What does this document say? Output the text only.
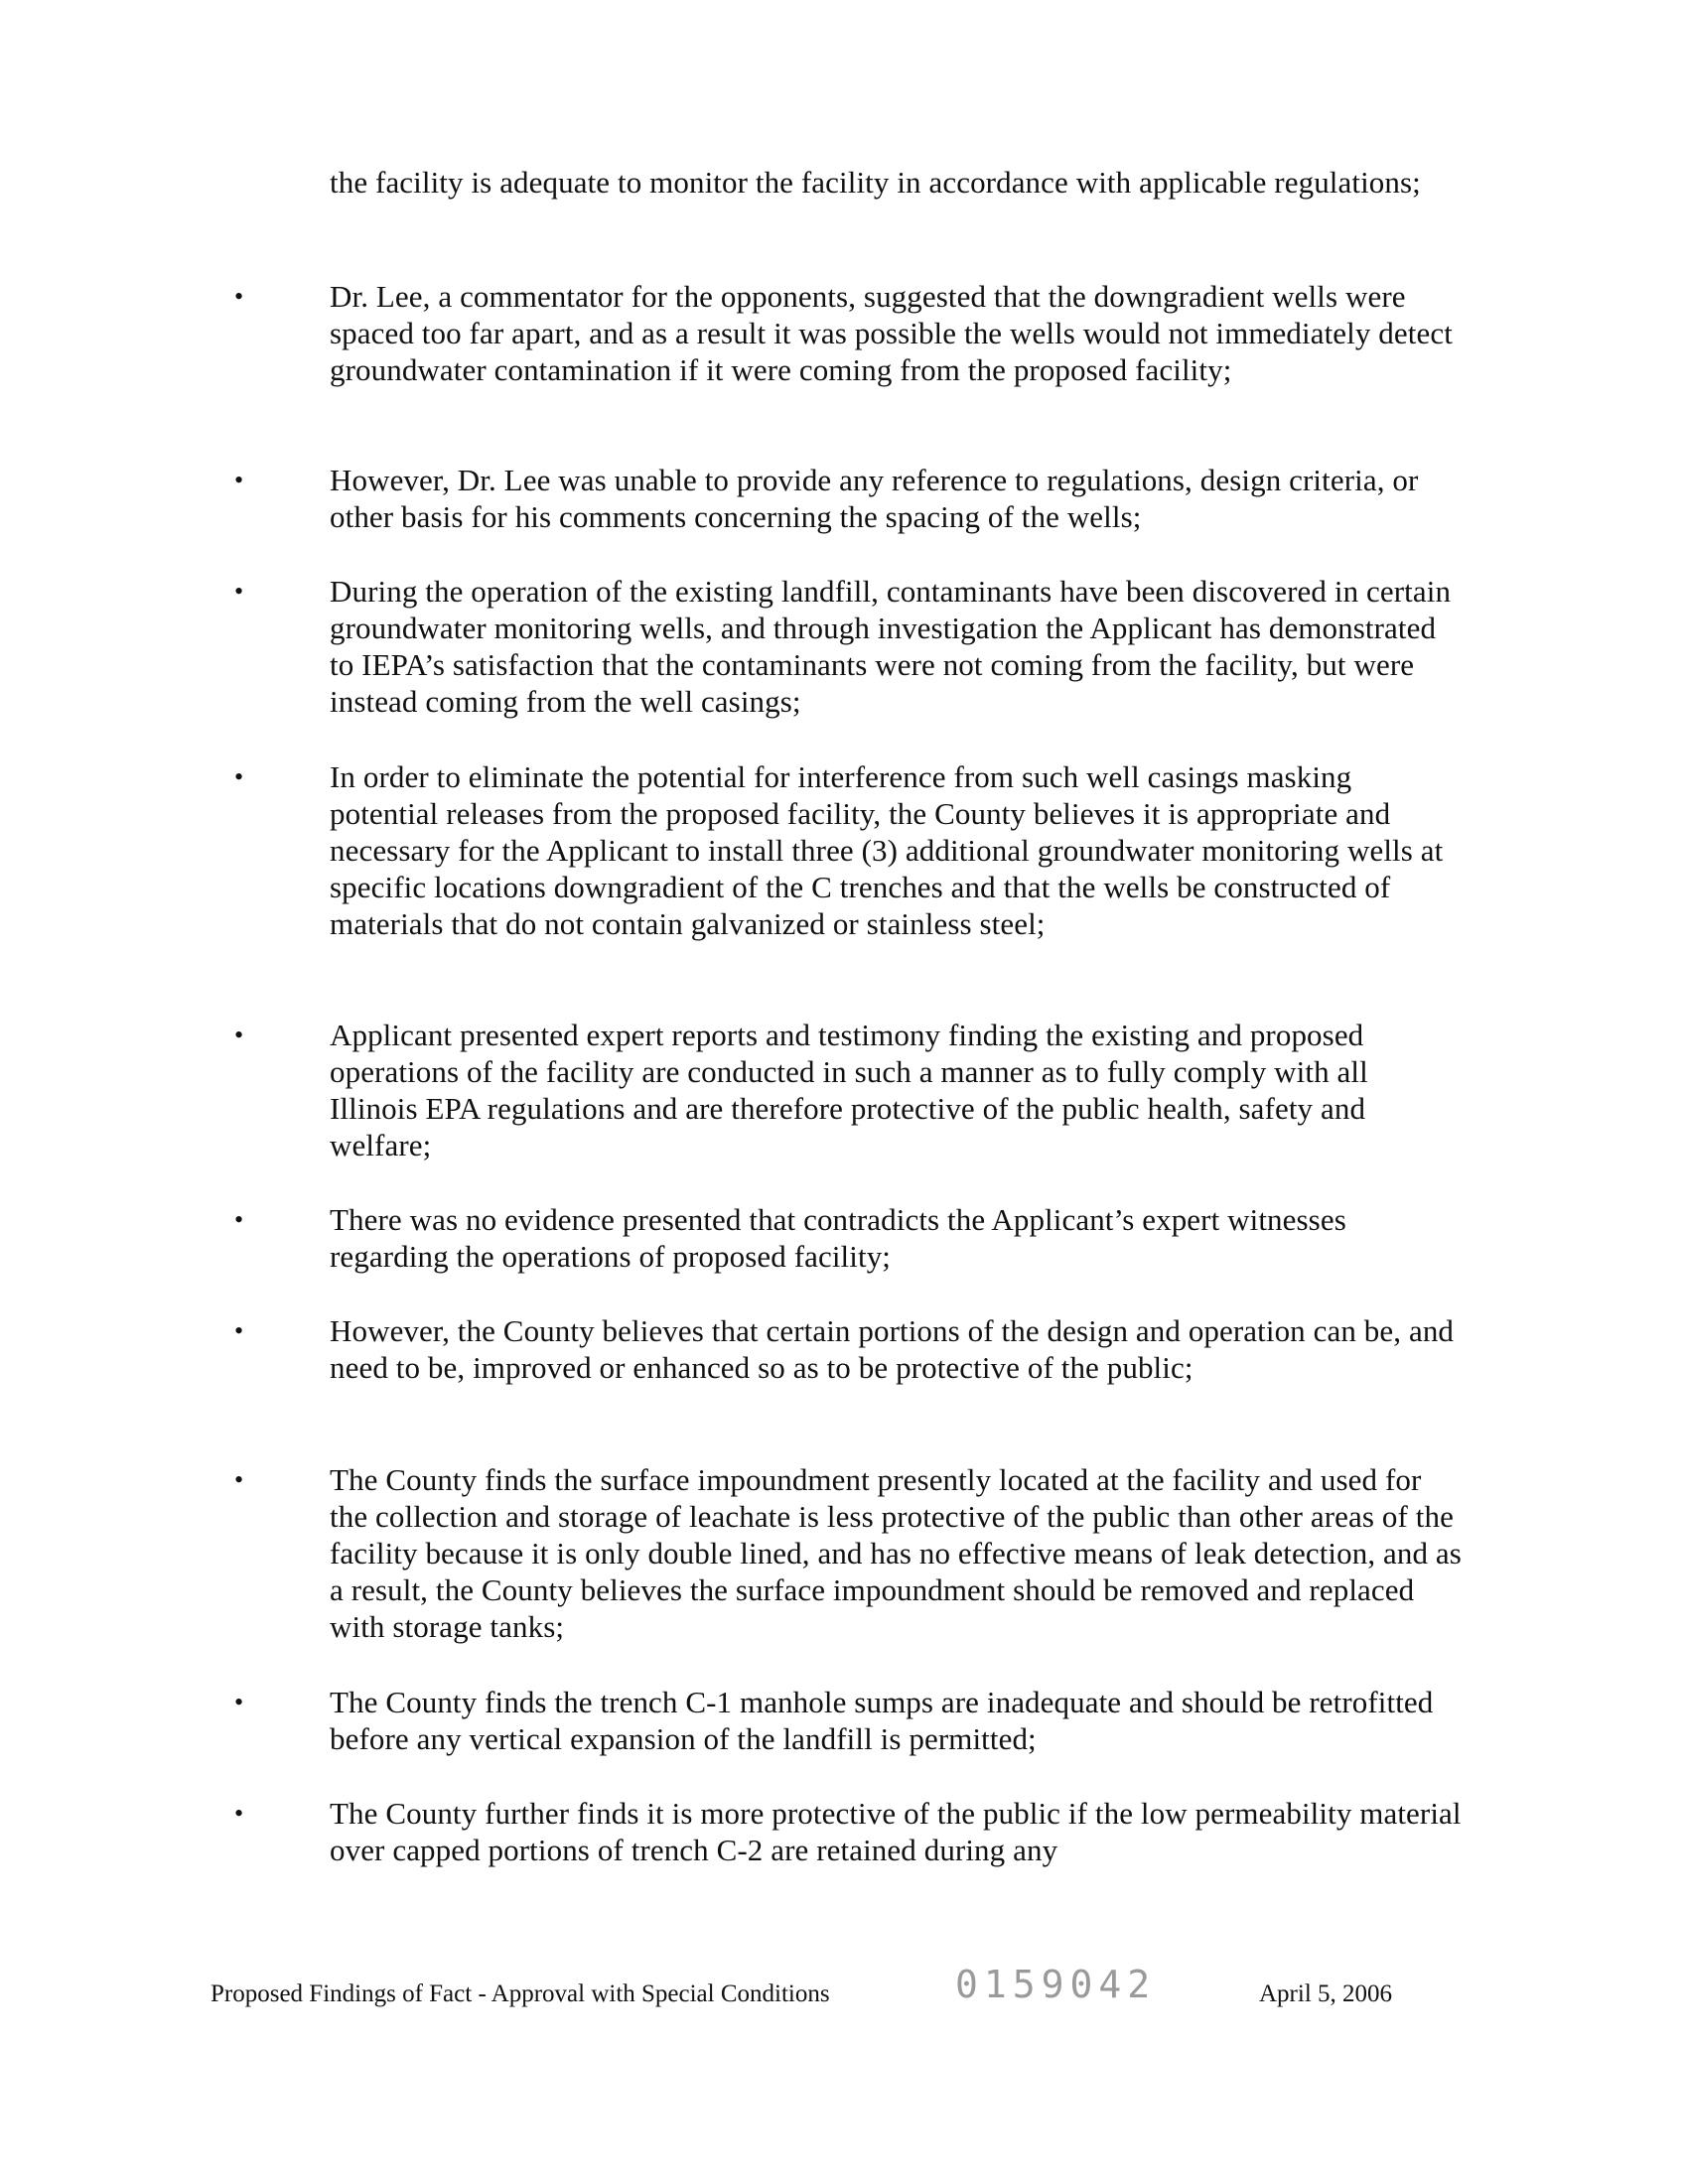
the facility is adequate to monitor the facility in accordance with applicable regulations;

•	Dr. Lee, a commentator for the opponents, suggested that the downgradient wells were spaced too far apart, and as a result it was possible the wells would not immediately detect groundwater contamination if it were coming from the proposed facility;

•	However, Dr. Lee was unable to provide any reference to regulations, design criteria, or other basis for his comments concerning the spacing of the wells;

•	During the operation of the existing landfill, contaminants have been discovered in certain groundwater monitoring wells, and through investigation the Applicant has demonstrated to IEPA’s satisfaction that the contaminants were not coming from the facility, but were instead coming from the well casings;

•	In order to eliminate the potential for interference from such well casings masking potential releases from the proposed facility, the County believes it is appropriate and necessary for the Applicant to install three (3) additional groundwater monitoring wells at specific locations downgradient of the C trenches and that the wells be constructed of materials that do not contain galvanized or stainless steel;

•	Applicant presented expert reports and testimony finding the existing and proposed operations of the facility are conducted in such a manner as to fully comply with all Illinois EPA regulations and are therefore protective of the public health, safety and welfare;

•	There was no evidence presented that contradicts the Applicant’s expert witnesses regarding the operations of proposed facility;

•	However, the County believes that certain portions of the design and operation can be, and need to be, improved or enhanced so as to be protective of the public;

•	The County finds the surface impoundment presently located at the facility and used for the collection and storage of leachate is less protective of the public than other areas of the facility because it is only double lined, and has no effective means of leak detection, and as a result, the County believes the surface impoundment should be removed and replaced with storage tanks;

•	The County finds the trench C-1 manhole sumps are inadequate and should be retrofitted before any vertical expansion of the landfill is permitted;

•	The County further finds it is more protective of the public if the low permeability material over capped portions of trench C-2 are retained during any

Proposed Findings of Fact - Approval with Special Conditions	0159042	April 5, 2006
